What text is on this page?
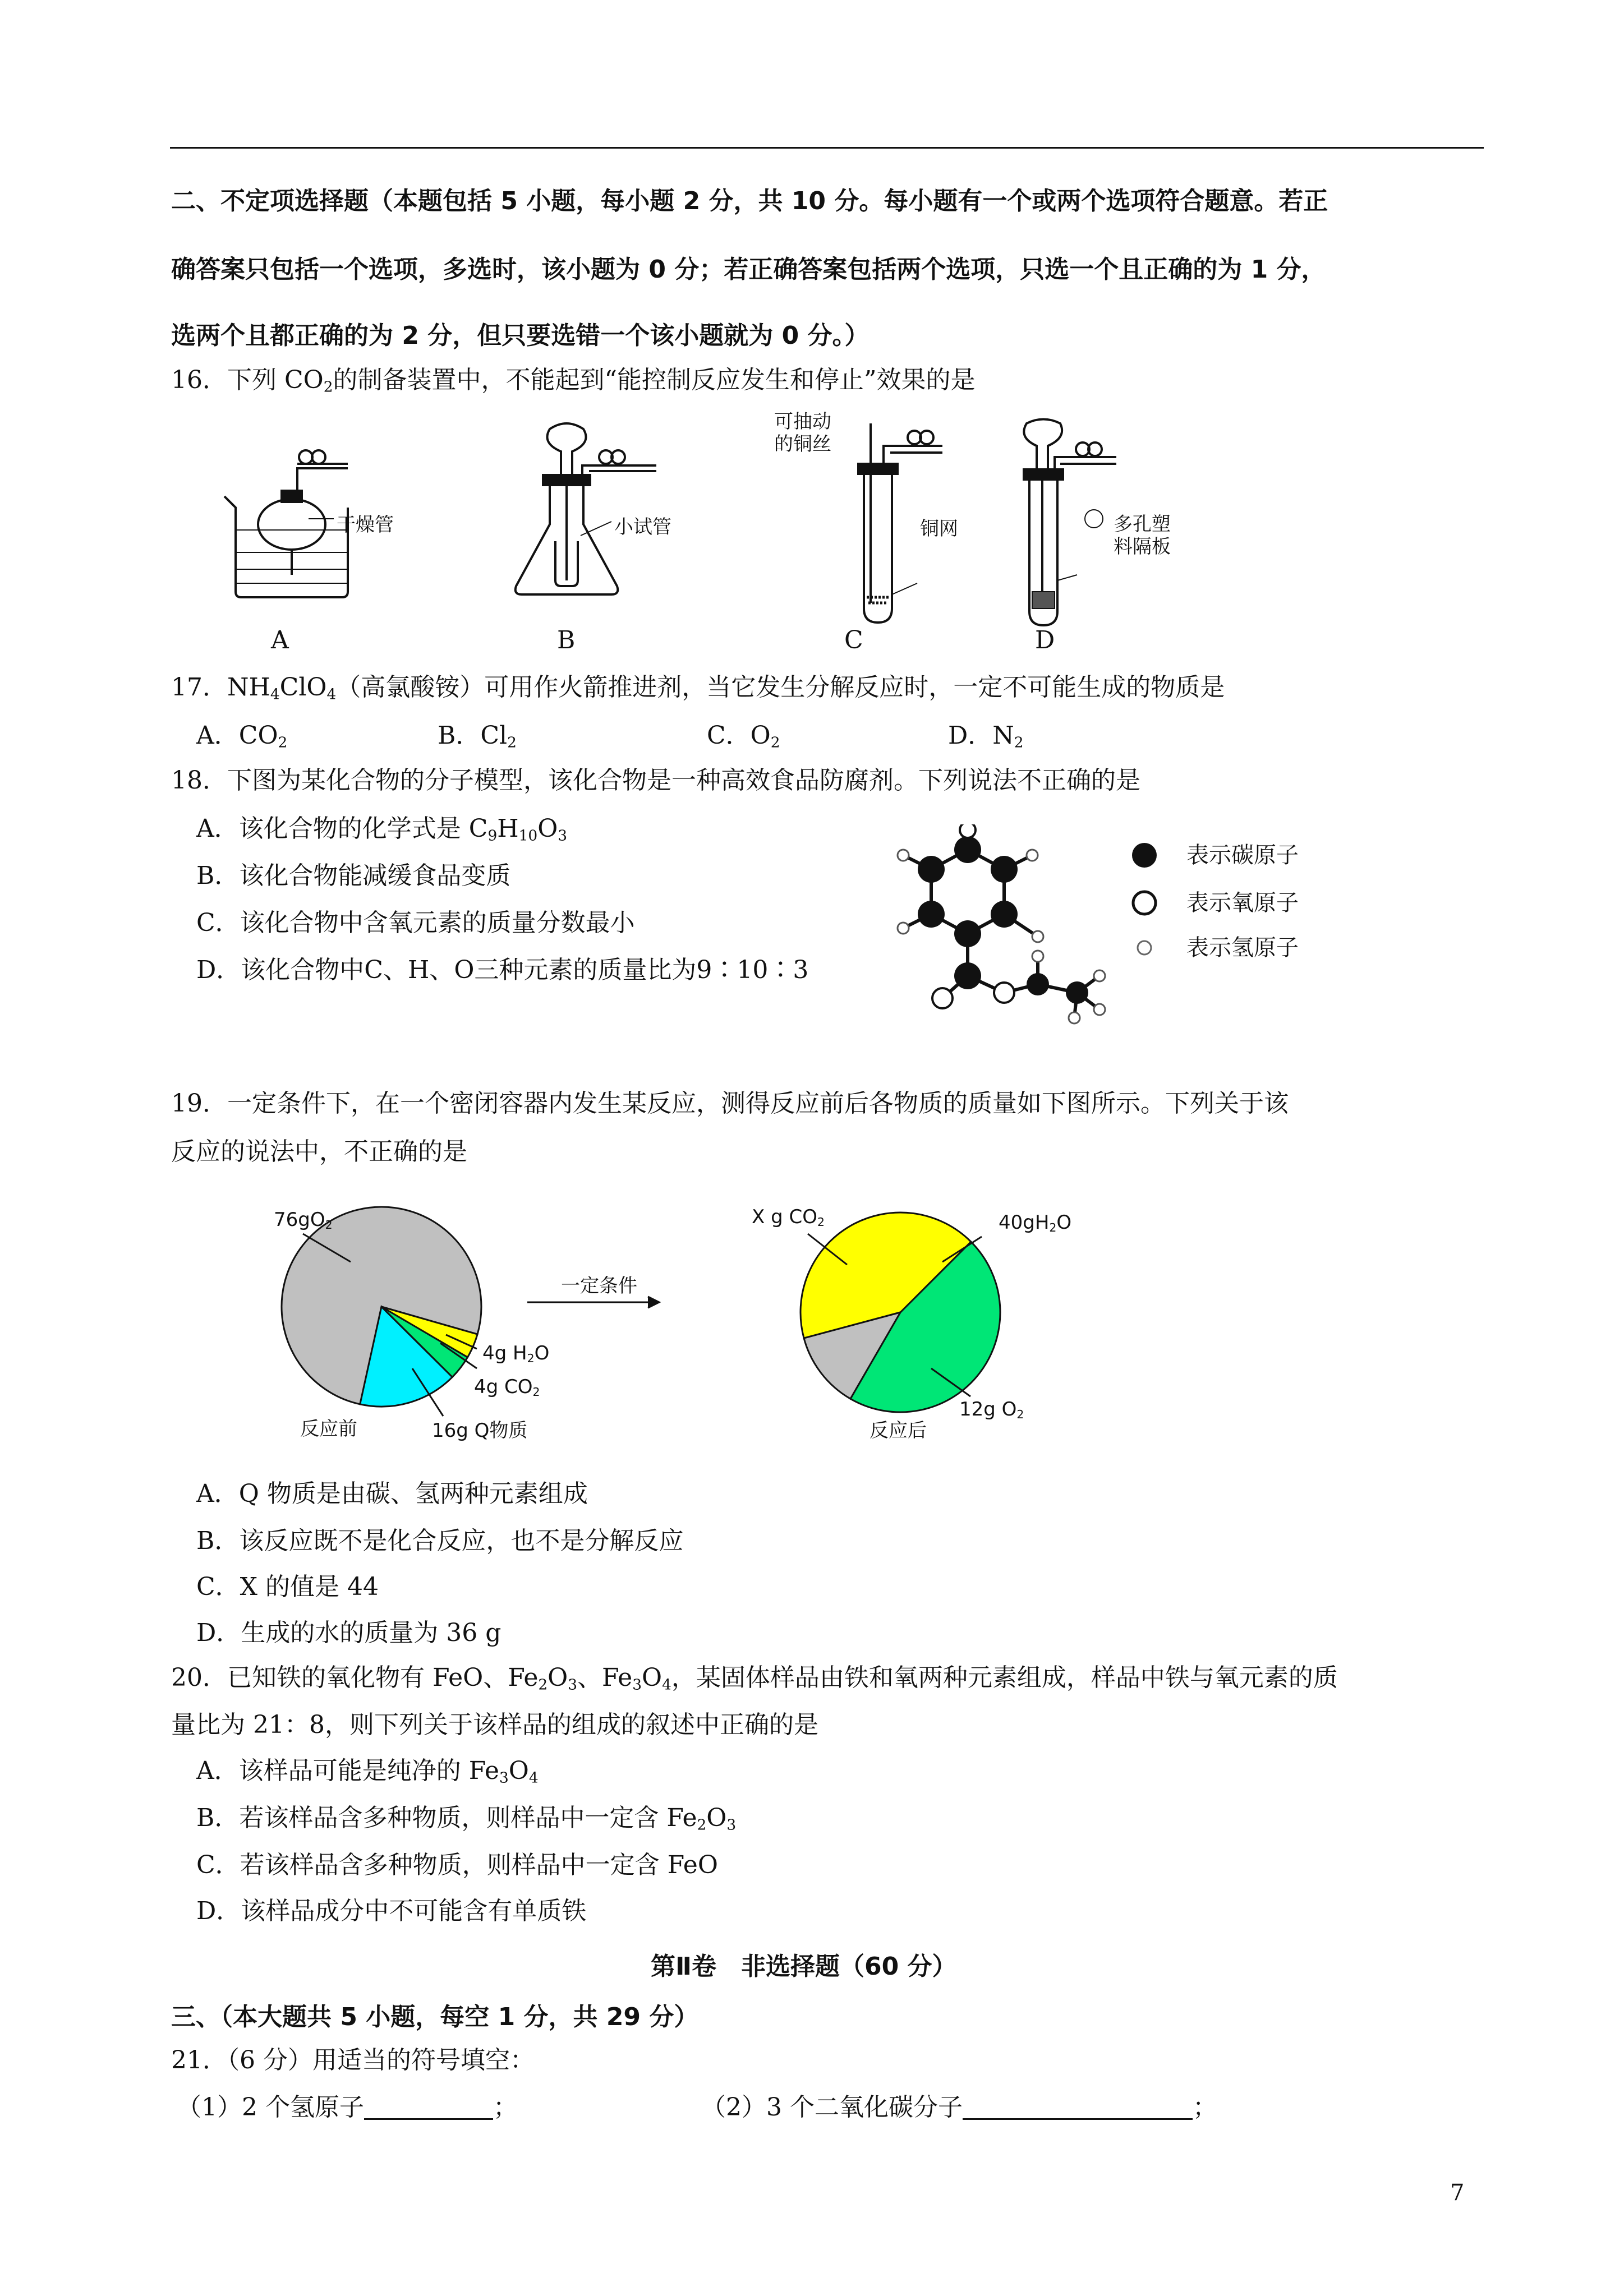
二、不定项选择题（本题包括 5 小题，每小题 2 分，共 10 分。每小题有一个或两个选项符合题意。若正
确答案只包括一个选项，多选时，该小题为 0 分；若正确答案包括两个选项，只选一个且正确的为 1 分，
选两个且都正确的为 2 分，但只要选错一个该小题就为 0 分。）
16．下列 $CO_2$的制备装置中，不能起到“能控制反应发生和停止”效果的是
干燥管	小试管
可抽动
的铜丝
铜网	多孔塑
料隔板
A	B	C	D
17．$NH_4ClO_4$（高氯酸铵）可用作火箭推进剂，当它发生分解反应时，一定不可能生成的物质是
A．$CO_2$	B．$Cl_2$	C．$O_2$	D．$N_2$
18．下图为某化合物的分子模型，该化合物是一种高效食品防腐剂。下列说法不正确的是
A．该化合物的化学式是 $C_9H_{10}O_3$
B．该化合物能减缓食品变质
C．该化合物中含氧元素的质量分数最小
D．该化合物中C、H、O三种元素的质量比为9∶10∶3
表示碳原子
表示氧原子
表示氢原子
19．一定条件下，在一个密闭容器内发生某反应，测得反应前后各物质的质量如下图所示。下列关于该
反应的说法中，不正确的是
$76gO_2$
4g $H_2O$
4g $CO_2$
16g Q物质
反应前
一定条件
X g $CO_2$	$40gH_2O$
12g $O_2$
反应后
A．Q 物质是由碳、氢两种元素组成
B．该反应既不是化合反应，也不是分解反应
C．X 的值是 44
D．生成的水的质量为 36 g
20．已知铁的氧化物有 FeO、$Fe_2O_3$、$Fe_3O_4$，某固体样品由铁和氧两种元素组成，样品中铁与氧元素的质
量比为 21：8，则下列关于该样品的组成的叙述中正确的是
A．该样品可能是纯净的 $Fe_3O_4$
B．若该样品含多种物质，则样品中一定含 $Fe_2O_3$
C．若该样品含多种物质，则样品中一定含 FeO
D．该样品成分中不可能含有单质铁
第Ⅱ卷　非选择题（60 分）
三、（本大题共 5 小题，每空 1 分，共 29 分）
21．（6 分）用适当的符号填空：
（1）2 个氢原子	；	（2）3 个二氧化碳分子	；
7
